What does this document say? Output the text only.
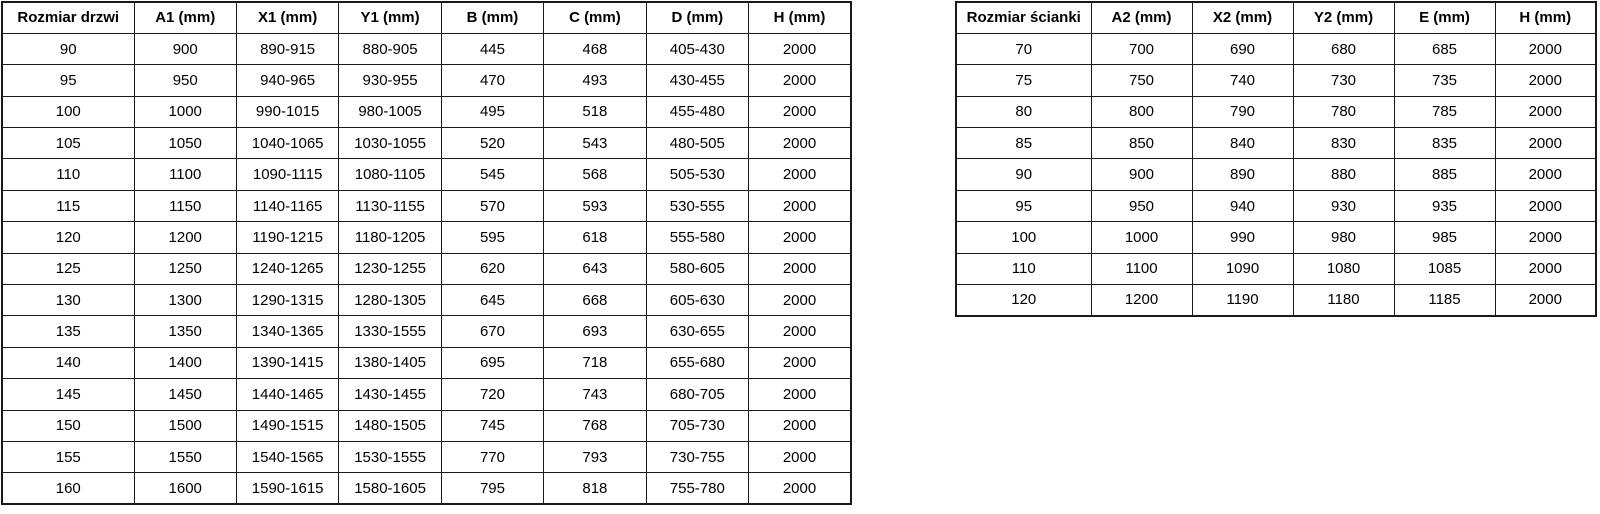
Rozmiar drzwi	A1 (mm)	X1 (mm)	Y1 (mm)	B (mm)	C (mm)	D (mm)	H (mm)
90	900	890-915	880-905	445	468	405-430	2000
95	950	940-965	930-955	470	493	430-455	2000
100	1000	990-1015	980-1005	495	518	455-480	2000
105	1050	1040-1065	1030-1055	520	543	480-505	2000
110	1100	1090-1115	1080-1105	545	568	505-530	2000
115	1150	1140-1165	1130-1155	570	593	530-555	2000
120	1200	1190-1215	1180-1205	595	618	555-580	2000
125	1250	1240-1265	1230-1255	620	643	580-605	2000
130	1300	1290-1315	1280-1305	645	668	605-630	2000
135	1350	1340-1365	1330-1555	670	693	630-655	2000
140	1400	1390-1415	1380-1405	695	718	655-680	2000
145	1450	1440-1465	1430-1455	720	743	680-705	2000
150	1500	1490-1515	1480-1505	745	768	705-730	2000
155	1550	1540-1565	1530-1555	770	793	730-755	2000
160	1600	1590-1615	1580-1605	795	818	755-780	2000
Rozmiar ścianki	A2 (mm)	X2 (mm)	Y2 (mm)	E (mm)	H (mm)
70	700	690	680	685	2000
75	750	740	730	735	2000
80	800	790	780	785	2000
85	850	840	830	835	2000
90	900	890	880	885	2000
95	950	940	930	935	2000
100	1000	990	980	985	2000
110	1100	1090	1080	1085	2000
120	1200	1190	1180	1185	2000
